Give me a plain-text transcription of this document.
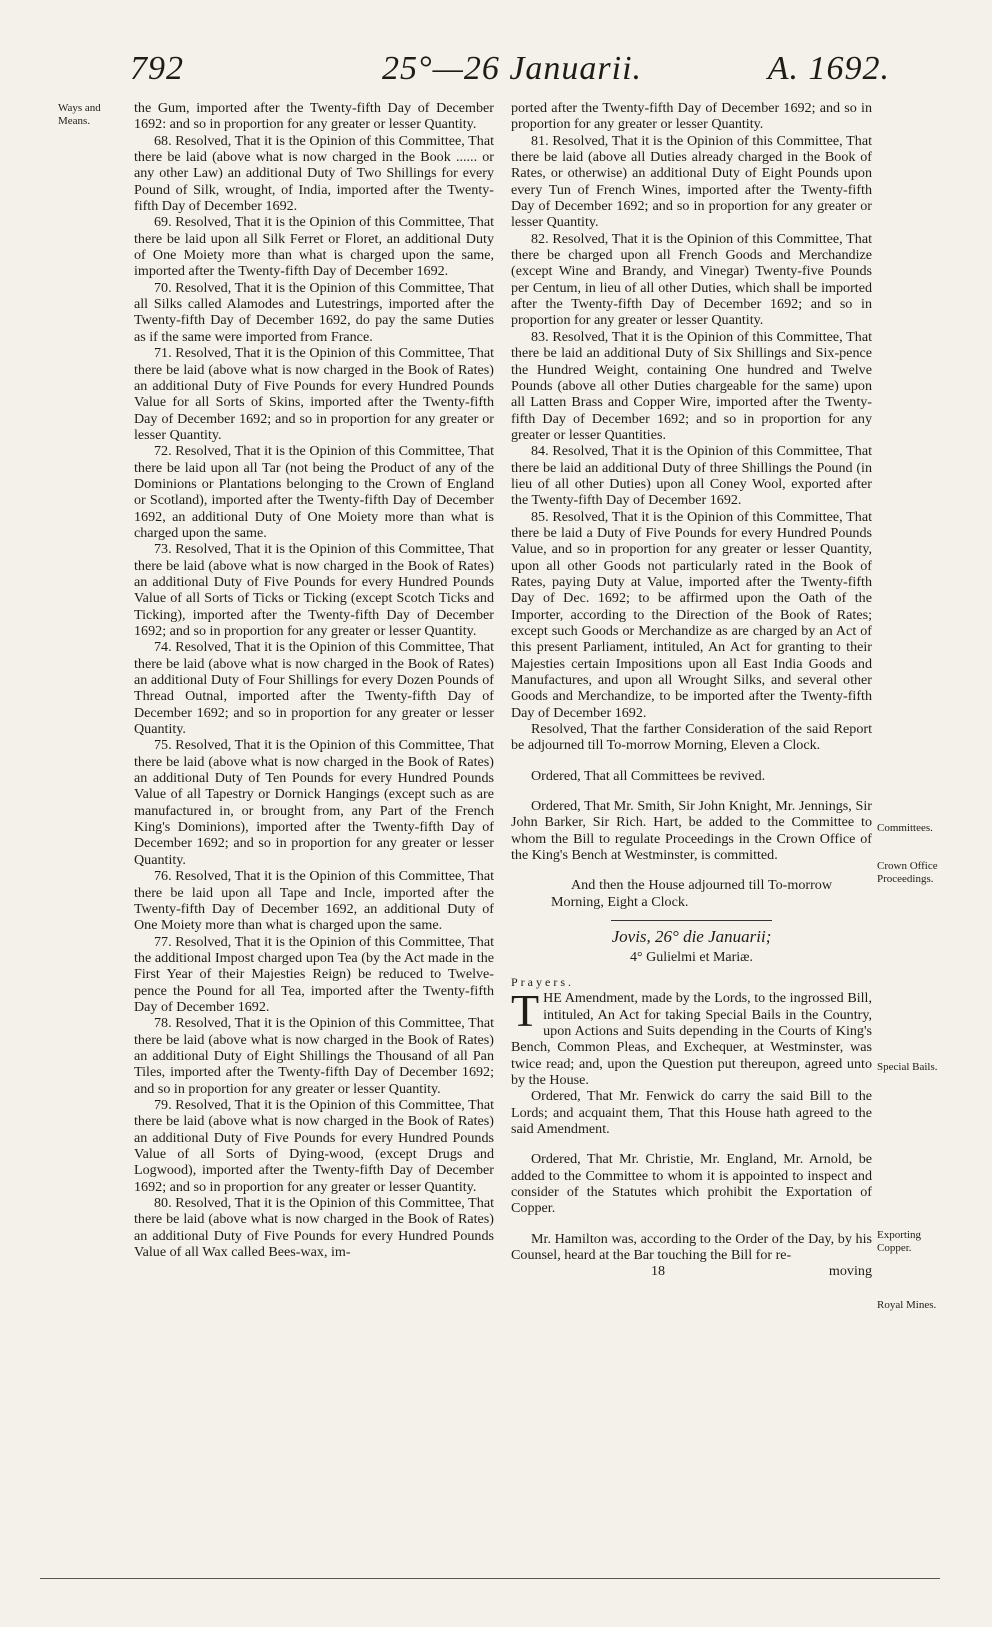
792	25°—26 Januarii.	A. 1692.
Ways and Means.
Committees.
Crown Office Proceedings.
Special Bails.
Exporting Copper.
Royal Mines.

the Gum, imported after the Twenty-fifth Day of December 1692: and so in proportion for any greater or lesser Quantity.

68. Resolved, That it is the Opinion of this Committee, That there be laid (above what is now charged in the Book ...... or any other Law) an additional Duty of Two Shillings for every Pound of Silk, wrought, of India, imported after the Twenty-fifth Day of December 1692.

69. Resolved, That it is the Opinion of this Committee, That there be laid upon all Silk Ferret or Floret, an additional Duty of One Moiety more than what is charged upon the same, imported after the Twenty-fifth Day of December 1692.

70. Resolved, That it is the Opinion of this Committee, That all Silks called Alamodes and Lutestrings, imported after the Twenty-fifth Day of December 1692, do pay the same Duties as if the same were imported from France.

71. Resolved, That it is the Opinion of this Committee, That there be laid (above what is now charged in the Book of Rates) an additional Duty of Five Pounds for every Hundred Pounds Value for all Sorts of Skins, imported after the Twenty-fifth Day of December 1692; and so in proportion for any greater or lesser Quantity.

72. Resolved, That it is the Opinion of this Committee, That there be laid upon all Tar (not being the Product of any of the Dominions or Plantations belonging to the Crown of England or Scotland), imported after the Twenty-fifth Day of December 1692, an additional Duty of One Moiety more than what is charged upon the same.

73. Resolved, That it is the Opinion of this Committee, That there be laid (above what is now charged in the Book of Rates) an additional Duty of Five Pounds for every Hundred Pounds Value of all Sorts of Ticks or Ticking (except Scotch Ticks and Ticking), imported after the Twenty-fifth Day of December 1692; and so in proportion for any greater or lesser Quantity.

74. Resolved, That it is the Opinion of this Committee, That there be laid (above what is now charged in the Book of Rates) an additional Duty of Four Shillings for every Dozen Pounds of Thread Outnal, imported after the Twenty-fifth Day of December 1692; and so in proportion for any greater or lesser Quantity.

75. Resolved, That it is the Opinion of this Committee, That there be laid (above what is now charged in the Book of Rates) an additional Duty of Ten Pounds for every Hundred Pounds Value of all Tapestry or Dornick Hangings (except such as are manufactured in, or brought from, any Part of the French King's Dominions), imported after the Twenty-fifth Day of December 1692; and so in proportion for any greater or lesser Quantity.

76. Resolved, That it is the Opinion of this Committee, That there be laid upon all Tape and Incle, imported after the Twenty-fifth Day of December 1692, an additional Duty of One Moiety more than what is charged upon the same.

77. Resolved, That it is the Opinion of this Committee, That the additional Impost charged upon Tea (by the Act made in the First Year of their Majesties Reign) be reduced to Twelve-pence the Pound for all Tea, imported after the Twenty-fifth Day of December 1692.

78. Resolved, That it is the Opinion of this Committee, That there be laid (above what is now charged in the Book of Rates) an additional Duty of Eight Shillings the Thousand of all Pan Tiles, imported after the Twenty-fifth Day of December 1692; and so in proportion for any greater or lesser Quantity.

79. Resolved, That it is the Opinion of this Committee, That there be laid (above what is now charged in the Book of Rates) an additional Duty of Five Pounds for every Hundred Pounds Value of all Sorts of Dying-wood, (except Drugs and Logwood), imported after the Twenty-fifth Day of December 1692; and so in proportion for any greater or lesser Quantity.

80. Resolved, That it is the Opinion of this Committee, That there be laid (above what is now charged in the Book of Rates) an additional Duty of Five Pounds for every Hundred Pounds Value of all Wax called Bees-wax, im-

ported after the Twenty-fifth Day of December 1692; and so in proportion for any greater or lesser Quantity.

81. Resolved, That it is the Opinion of this Committee, That there be laid (above all Duties already charged in the Book of Rates, or otherwise) an additional Duty of Eight Pounds upon every Tun of French Wines, imported after the Twenty-fifth Day of December 1692; and so in proportion for any greater or lesser Quantity.

82. Resolved, That it is the Opinion of this Committee, That there be charged upon all French Goods and Merchandize (except Wine and Brandy, and Vinegar) Twenty-five Pounds per Centum, in lieu of all other Duties, which shall be imported after the Twenty-fifth Day of December 1692; and so in proportion for any greater or lesser Quantity.

83. Resolved, That it is the Opinion of this Committee, That there be laid an additional Duty of Six Shillings and Six-pence the Hundred Weight, containing One hundred and Twelve Pounds (above all other Duties chargeable for the same) upon all Latten Brass and Copper Wire, imported after the Twenty-fifth Day of December 1692; and so in proportion for any greater or lesser Quantities.

84. Resolved, That it is the Opinion of this Committee, That there be laid an additional Duty of three Shillings the Pound (in lieu of all other Duties) upon all Coney Wool, exported after the Twenty-fifth Day of December 1692.

85. Resolved, That it is the Opinion of this Committee, That there be laid a Duty of Five Pounds for every Hundred Pounds Value, and so in proportion for any greater or lesser Quantity, upon all other Goods not particularly rated in the Book of Rates, paying Duty at Value, imported after the Twenty-fifth Day of Dec. 1692; to be affirmed upon the Oath of the Importer, according to the Direction of the Book of Rates; except such Goods or Merchandize as are charged by an Act of this present Parliament, intituled, An Act for granting to their Majesties certain Impositions upon all East India Goods and Manufactures, and upon all Wrought Silks, and several other Goods and Merchandize, to be imported after the Twenty-fifth Day of December 1692.

Resolved, That the farther Consideration of the said Report be adjourned till To-morrow Morning, Eleven a Clock.

Ordered, That all Committees be revived.

Ordered, That Mr. Smith, Sir John Knight, Mr. Jennings, Sir John Barker, Sir Rich. Hart, be added to the Committee to whom the Bill to regulate Proceedings in the Crown Office of the King's Bench at Westminster, is committed.

And then the House adjourned till To-morrow Morning, Eight a Clock.

Jovis, 26° die Januarii;
4° Gulielmi et Mariæ.

Prayers.

THE Amendment, made by the Lords, to the ingrossed Bill, intituled, An Act for taking Special Bails in the Country, upon Actions and Suits depending in the Courts of King's Bench, Common Pleas, and Exchequer, at Westminster, was twice read; and, upon the Question put thereupon, agreed unto by the House.

Ordered, That Mr. Fenwick do carry the said Bill to the Lords; and acquaint them, That this House hath agreed to the said Amendment.

Ordered, That Mr. Christie, Mr. England, Mr. Arnold, be added to the Committee to whom it is appointed to inspect and consider of the Statutes which prohibit the Exportation of Copper.

Mr. Hamilton was, according to the Order of the Day, by his Counsel, heard at the Bar touching the Bill for re-

18	moving
